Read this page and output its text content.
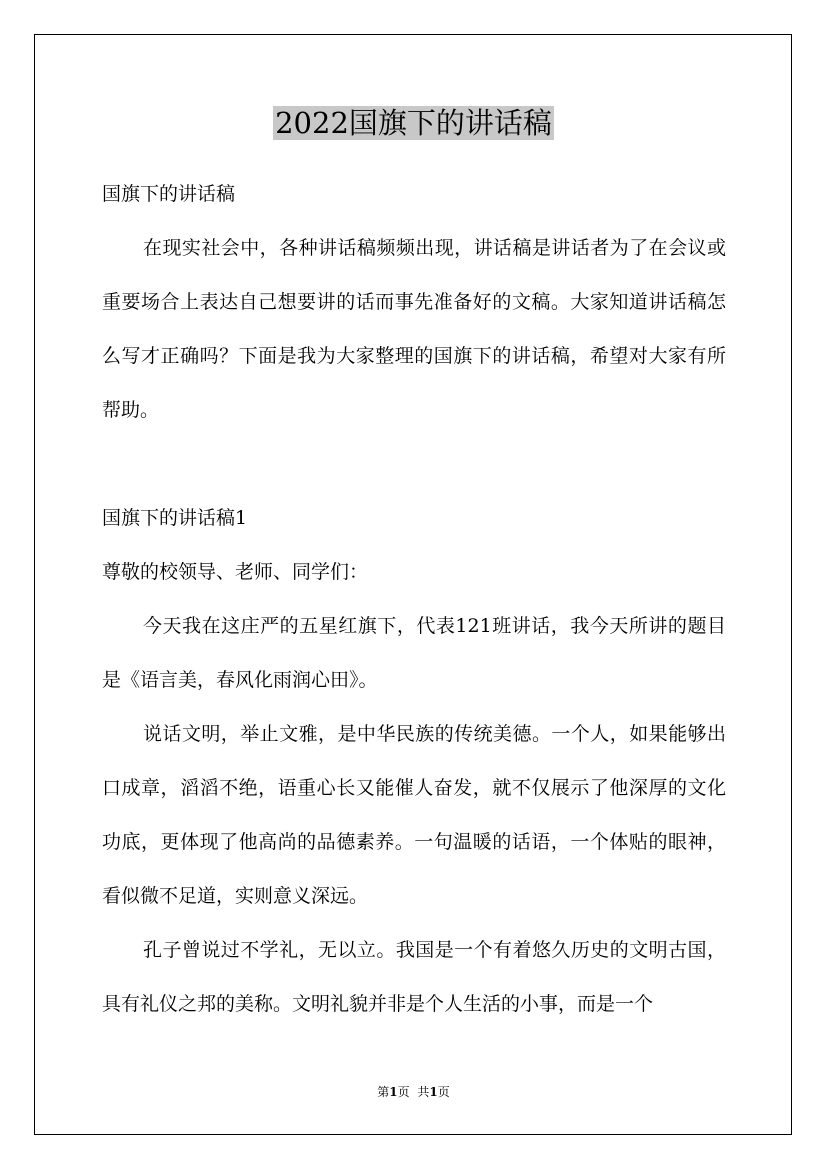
2022国旗下的讲话稿

国旗下的讲话稿

在现实社会中，各种讲话稿频频出现，讲话稿是讲话者为了在会议或重要场合上表达自己想要讲的话而事先准备好的文稿。大家知道讲话稿怎么写才正确吗？下面是我为大家整理的国旗下的讲话稿，希望对大家有所帮助。

国旗下的讲话稿1

尊敬的校领导、老师、同学们：

今天我在这庄严的五星红旗下，代表121班讲话，我今天所讲的题目是《语言美，春风化雨润心田》。

说话文明，举止文雅，是中华民族的传统美德。一个人，如果能够出口成章，滔滔不绝，语重心长又能催人奋发，就不仅展示了他深厚的文化功底，更体现了他高尚的品德素养。一句温暖的话语，一个体贴的眼神，看似微不足道，实则意义深远。

孔子曾说过不学礼，无以立。我国是一个有着悠久历史的文明古国，具有礼仪之邦的美称。文明礼貌并非是个人生活的小事，而是一个

第1页 共1页
